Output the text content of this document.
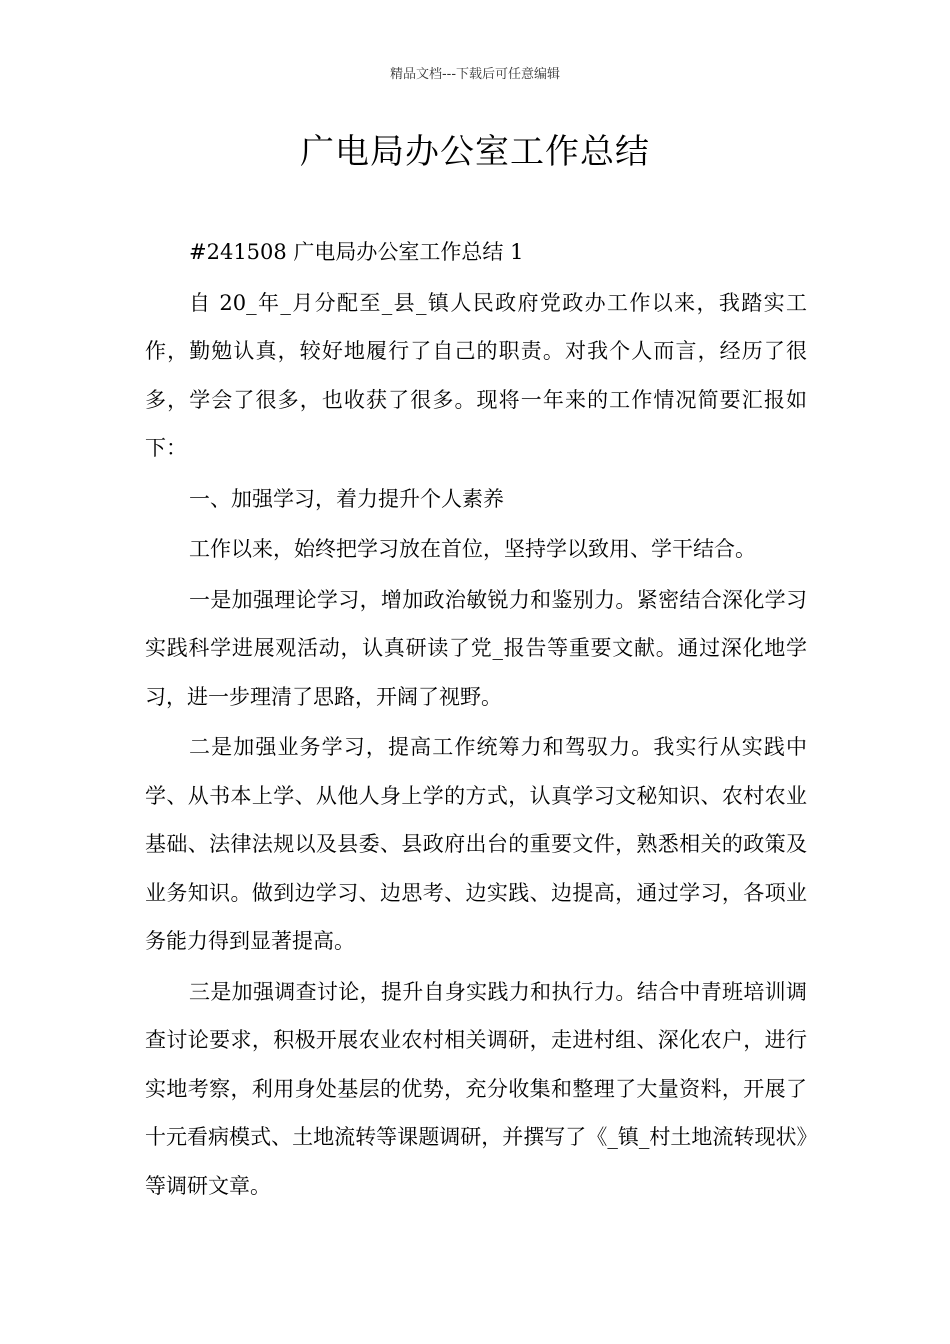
精品文档---下载后可任意编辑
广电局办公室工作总结

#241508 广电局办公室工作总结 1

自 20_年_月分配至_县_镇人民政府党政办工作以来，我踏实工作，勤勉认真，较好地履行了自己的职责。对我个人而言，经历了很多，学会了很多，也收获了很多。现将一年来的工作情况简要汇报如下：

一、加强学习，着力提升个人素养

工作以来，始终把学习放在首位，坚持学以致用、学干结合。

一是加强理论学习，增加政治敏锐力和鉴别力。紧密结合深化学习实践科学进展观活动，认真研读了党_报告等重要文献。通过深化地学习，进一步理清了思路，开阔了视野。

二是加强业务学习，提高工作统筹力和驾驭力。我实行从实践中学、从书本上学、从他人身上学的方式，认真学习文秘知识、农村农业基础、法律法规以及县委、县政府出台的重要文件，熟悉相关的政策及业务知识。做到边学习、边思考、边实践、边提高，通过学习，各项业务能力得到显著提高。

三是加强调查讨论，提升自身实践力和执行力。结合中青班培训调查讨论要求，积极开展农业农村相关调研，走进村组、深化农户，进行实地考察，利用身处基层的优势，充分收集和整理了大量资料，开展了十元看病模式、土地流转等课题调研，并撰写了《_镇_村土地流转现状》等调研文章。
